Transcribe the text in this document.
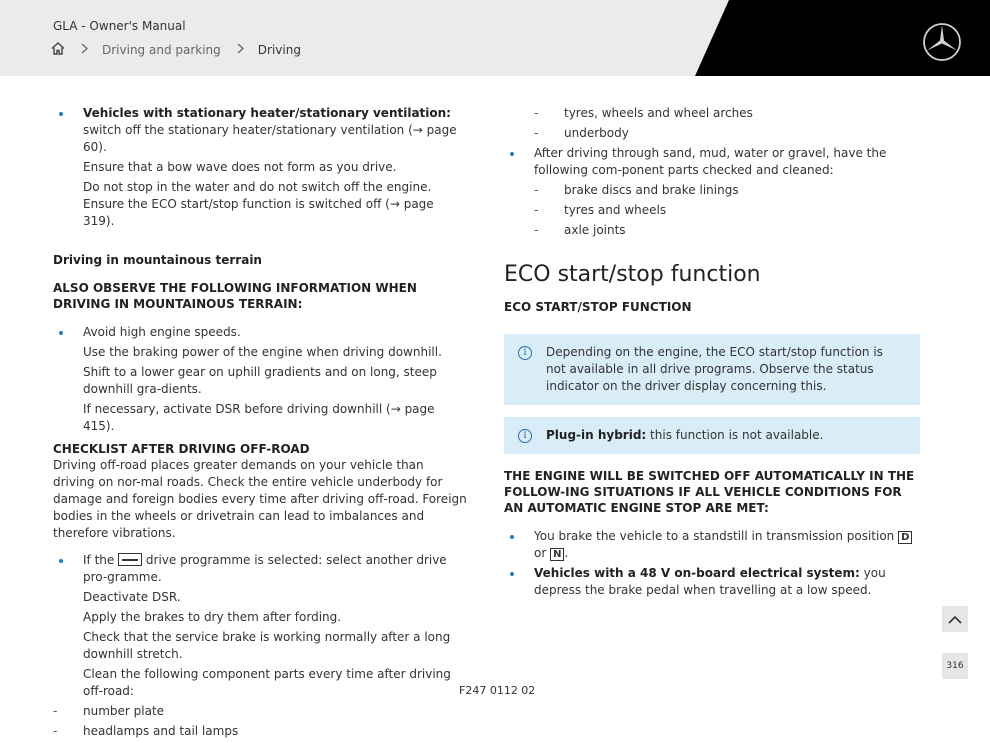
GLA - Owner's Manual
Driving and parking	Driving
Vehicles with stationary heater/stationary ventilation: switch off the stationary heater/stationary ventilation (→ page 60).
Ensure that a bow wave does not form as you drive.
Do not stop in the water and do not switch off the engine. Ensure the ECO start/stop function is switched off (→ page 319).
Driving in mountainous terrain
ALSO OBSERVE THE FOLLOWING INFORMATION WHEN DRIVING IN MOUNTAINOUS TERRAIN:
Avoid high engine speeds.
Use the braking power of the engine when driving downhill.
Shift to a lower gear on uphill gradients and on long, steep downhill gra-dients.
If necessary, activate DSR before driving downhill (→ page 415).
CHECKLIST AFTER DRIVING OFF-ROAD
Driving off-road places greater demands on your vehicle than driving on nor-mal roads. Check the entire vehicle underbody for damage and foreign bodies every time after driving off-road. Foreign bodies in the wheels or drivetrain can lead to imbalances and therefore vibrations.
If the  drive programme is selected: select another drive pro-gramme.
Deactivate DSR.
Apply the brakes to dry them after fording.
Check that the service brake is working normally after a long downhill stretch.
Clean the following component parts every time after driving off-road:
- number plate
- headlamps and tail lamps
- tyres, wheels and wheel arches
- underbody
After driving through sand, mud, water or gravel, have the following com-ponent parts checked and cleaned:
- brake discs and brake linings
- tyres and wheels
- axle joints
ECO start/stop function
ECO START/STOP FUNCTION
i	Depending on the engine, the ECO start/stop function is not available in all drive programs. Observe the status indicator on the driver display concerning this.
i	Plug-in hybrid: this function is not available.
THE ENGINE WILL BE SWITCHED OFF AUTOMATICALLY IN THE FOLLOW-ING SITUATIONS IF ALL VEHICLE CONDITIONS FOR AN AUTOMATIC ENGINE STOP ARE MET:
You brake the vehicle to a standstill in transmission position D or N .
Vehicles with a 48 V on-board electrical system: you depress the brake pedal when travelling at a low speed.
316
F247 0112 02
